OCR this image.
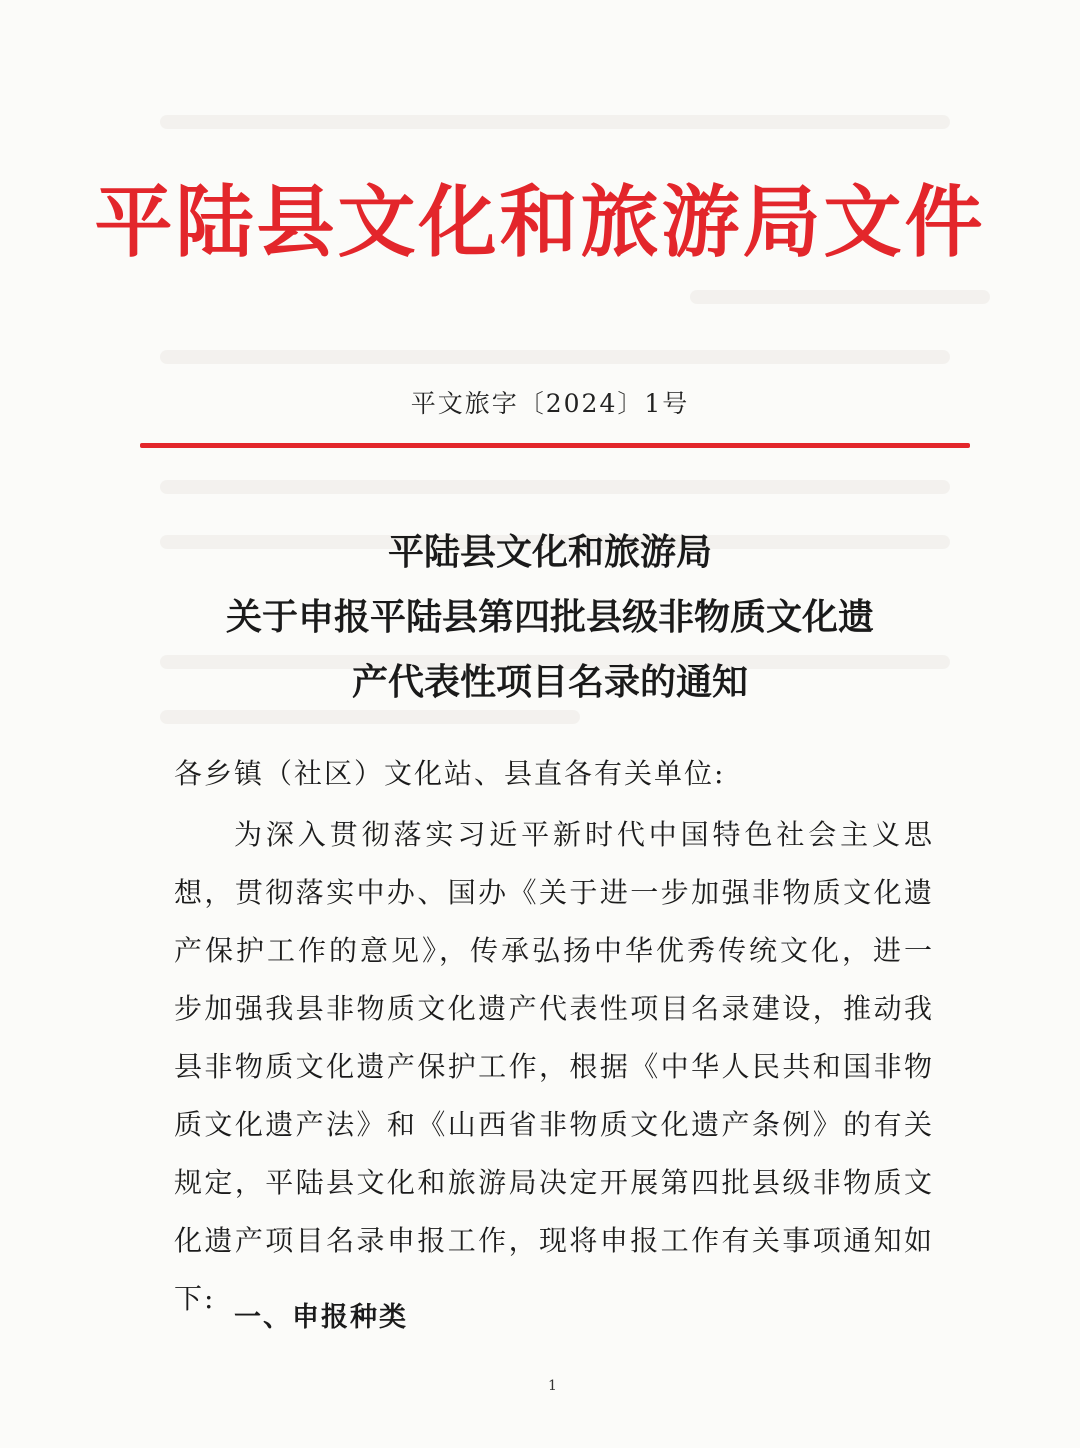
平陆县文化和旅游局文件
平文旅字〔2024〕1号
平陆县文化和旅游局
关于申报平陆县第四批县级非物质文化遗
产代表性项目名录的通知
各乡镇（社区）文化站、县直各有关单位:
为深入贯彻落实习近平新时代中国特色社会主义思想，贯彻落实中办、国办《关于进一步加强非物质文化遗产保护工作的意见》，传承弘扬中华优秀传统文化，进一步加强我县非物质文化遗产代表性项目名录建设，推动我县非物质文化遗产保护工作，根据《中华人民共和国非物质文化遗产法》和《山西省非物质文化遗产条例》的有关规定，平陆县文化和旅游局决定开展第四批县级非物质文化遗产项目名录申报工作，现将申报工作有关事项通知如下:
一、申报种类
1
